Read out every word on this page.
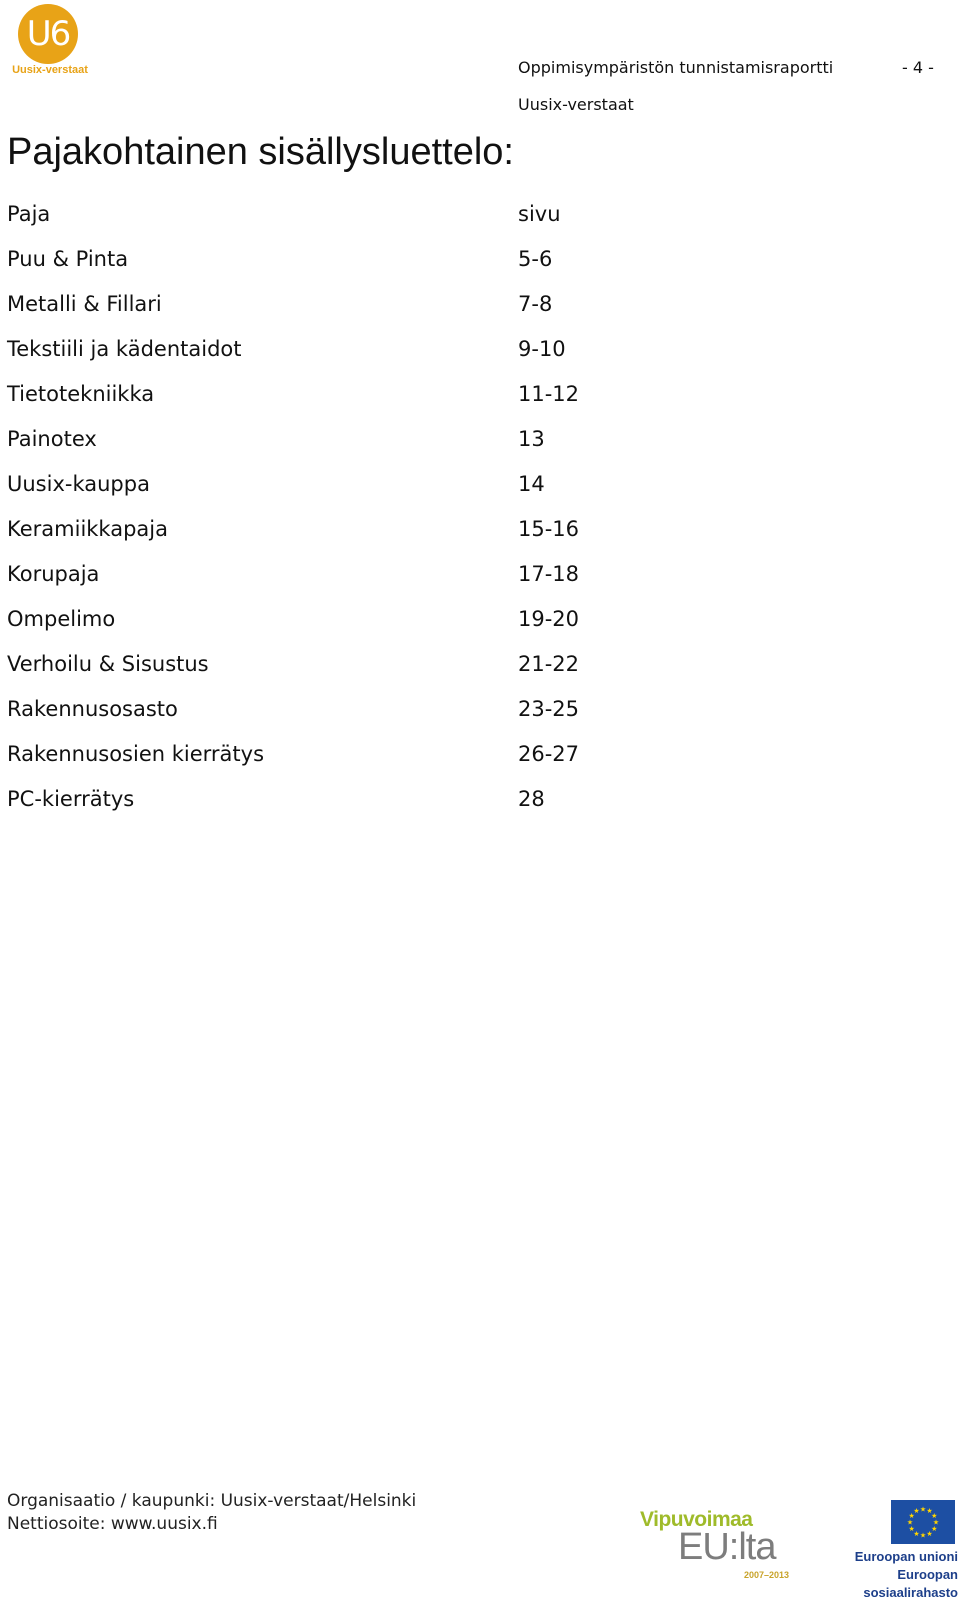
U6
Uusix-verstaat	Oppimisympäristön tunnistamisraportti	- 4 -
Uusix-verstaat
Pajakohtainen sisällysluettelo:
Paja	sivu
Puu & Pinta	5-6
Metalli & Fillari	7-8
Tekstiili ja kädentaidot	9-10
Tietotekniikka	11-12
Painotex	13
Uusix-kauppa	14
Keramiikkapaja	15-16
Korupaja	17-18
Ompelimo	19-20
Verhoilu & Sisustus	21-22
Rakennusosasto	23-25
Rakennusosien kierrätys	26-27
PC-kierrätys	28
Organisaatio / kaupunki: Uusix-verstaat/Helsinki
Nettiosoite: www.uusix.fi	Vipuvoimaa
EU:lta
2007–2013
★
★
★
★
★
★
★
★
★ ★ ★
★
Euroopan unioni
Euroopan sosiaalirahasto
